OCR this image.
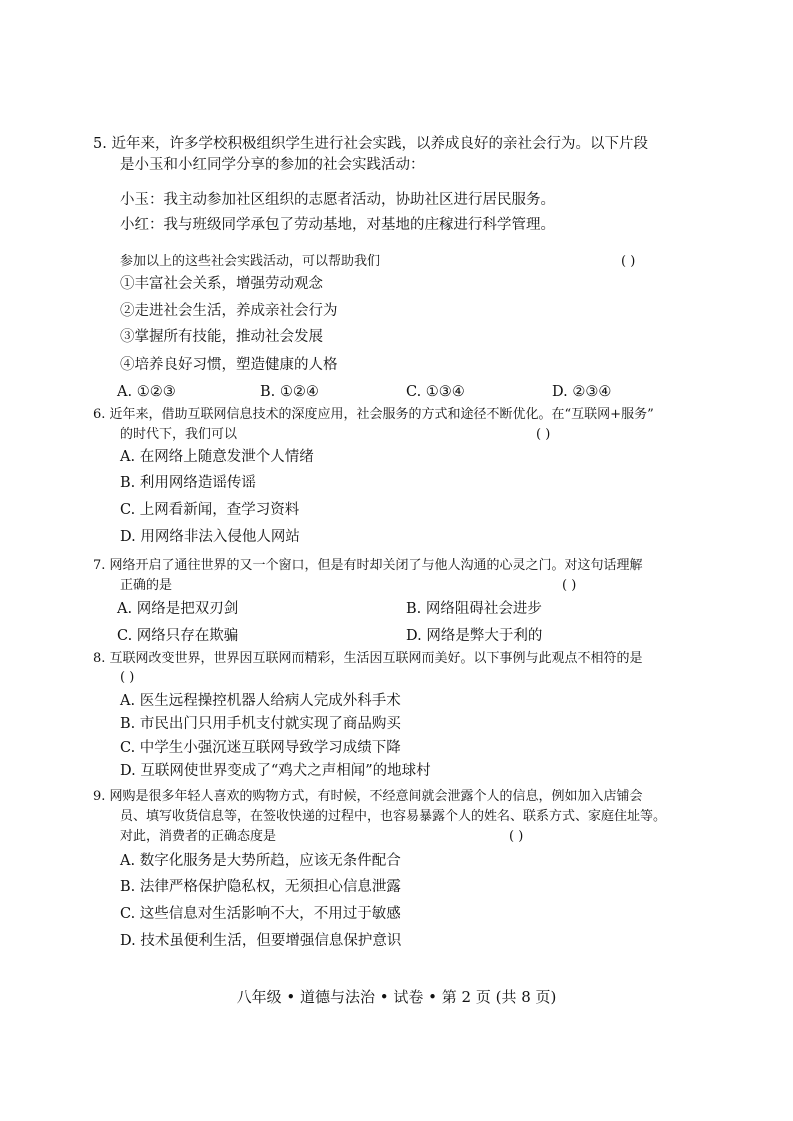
5. 近年来，许多学校积极组织学生进行社会实践，以养成良好的亲社会行为。以下片段
是小玉和小红同学分享的参加的社会实践活动：
小玉：我主动参加社区组织的志愿者活动，协助社区进行居民服务。
小红：我与班级同学承包了劳动基地，对基地的庄稼进行科学管理。
参加以上的这些社会实践活动，可以帮助我们	( )
①丰富社会关系，增强劳动观念
②走进社会生活，养成亲社会行为
③掌握所有技能，推动社会发展
④培养良好习惯，塑造健康的人格
A. ①②③	B. ①②④	C. ①③④	D. ②③④
6. 近年来，借助互联网信息技术的深度应用，社会服务的方式和途径不断优化。在“互联网+服务”
的时代下，我们可以	( )
A. 在网络上随意发泄个人情绪
B. 利用网络造谣传谣
C. 上网看新闻，查学习资料
D. 用网络非法入侵他人网站
7. 网络开启了通往世界的又一个窗口，但是有时却关闭了与他人沟通的心灵之门。对这句话理解
正确的是	( )
A. 网络是把双刃剑	B. 网络阻碍社会进步
C. 网络只存在欺骗	D. 网络是弊大于利的
8. 互联网改变世界，世界因互联网而精彩，生活因互联网而美好。以下事例与此观点不相符的是
( )
A. 医生远程操控机器人给病人完成外科手术
B. 市民出门只用手机支付就实现了商品购买
C. 中学生小强沉迷互联网导致学习成绩下降
D. 互联网使世界变成了“鸡犬之声相闻”的地球村
9. 网购是很多年轻人喜欢的购物方式，有时候，不经意间就会泄露个人的信息，例如加入店铺会
员、填写收货信息等，在签收快递的过程中，也容易暴露个人的姓名、联系方式、家庭住址等。
对此，消费者的正确态度是	( )
A. 数字化服务是大势所趋，应该无条件配合
B. 法律严格保护隐私权，无须担心信息泄露
C. 这些信息对生活影响不大，不用过于敏感
D. 技术虽便利生活，但要增强信息保护意识
八年级 • 道德与法治 • 试卷 • 第 2 页 (共 8 页)
